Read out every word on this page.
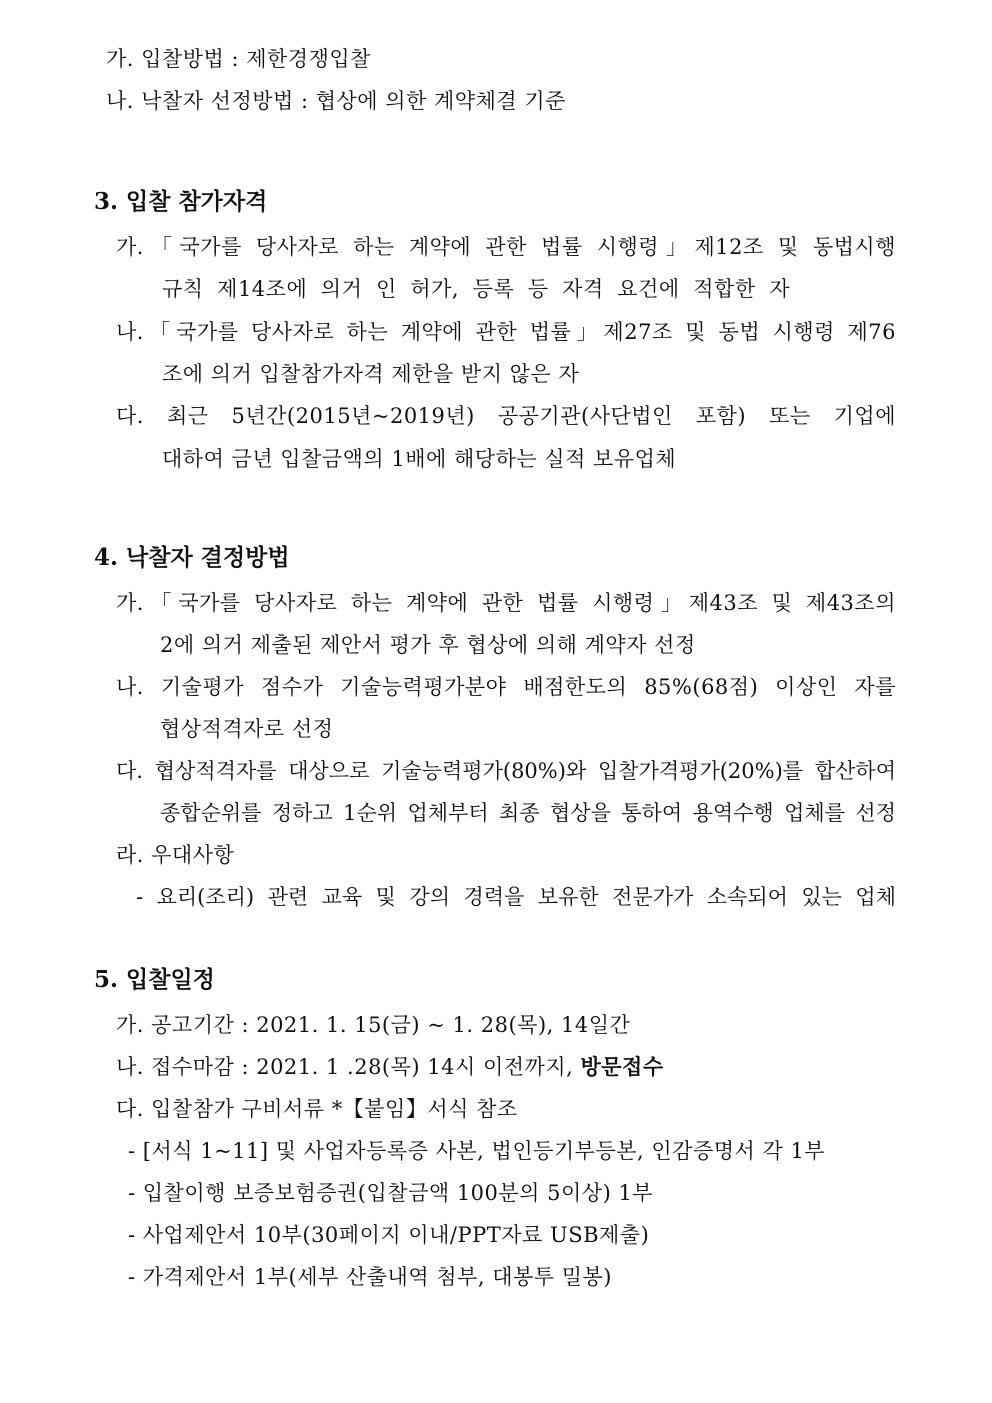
가. 입찰방법 : 제한경쟁입찰
나. 낙찰자 선정방법 : 협상에 의한 계약체결 기준
3. 입찰 참가자격
가.「국가를 당사자로 하는 계약에 관한 법률 시행령」제12조 및 동법시행
규칙 제14조에 의거 인 허가, 등록 등 자격 요건에 적합한 자
나.「국가를 당사자로 하는 계약에 관한 법률」제27조 및 동법 시행령 제76
조에 의거 입찰참가자격 제한을 받지 않은 자
다. 최근 5년간(2015년~2019년) 공공기관(사단법인 포함) 또는 기업에
대하여 금년 입찰금액의 1배에 해당하는 실적 보유업체
4. 낙찰자 결정방법
가.「국가를 당사자로 하는 계약에 관한 법률 시행령」제43조 및 제43조의
2에 의거 제출된 제안서 평가 후 협상에 의해 계약자 선정
나. 기술평가 점수가 기술능력평가분야 배점한도의 85%(68점) 이상인 자를
협상적격자로 선정
다. 협상적격자를 대상으로 기술능력평가(80%)와 입찰가격평가(20%)를 합산하여
종합순위를 정하고 1순위 업체부터 최종 협상을 통하여 용역수행 업체를 선정
라. 우대사항
- 요리(조리) 관련 교육 및 강의 경력을 보유한 전문가가 소속되어 있는 업체
5. 입찰일정
가. 공고기간 : 2021. 1. 15(금) ~ 1. 28(목), 14일간
나. 접수마감 : 2021. 1 .28(목) 14시 이전까지, 방문접수
다. 입찰참가 구비서류 *【붙임】서식 참조
- [서식 1~11] 및 사업자등록증 사본, 법인등기부등본, 인감증명서 각 1부
- 입찰이행 보증보험증권(입찰금액 100분의 5이상) 1부
- 사업제안서 10부(30페이지 이내/PPT자료 USB제출)
- 가격제안서 1부(세부 산출내역 첨부, 대봉투 밀봉)
